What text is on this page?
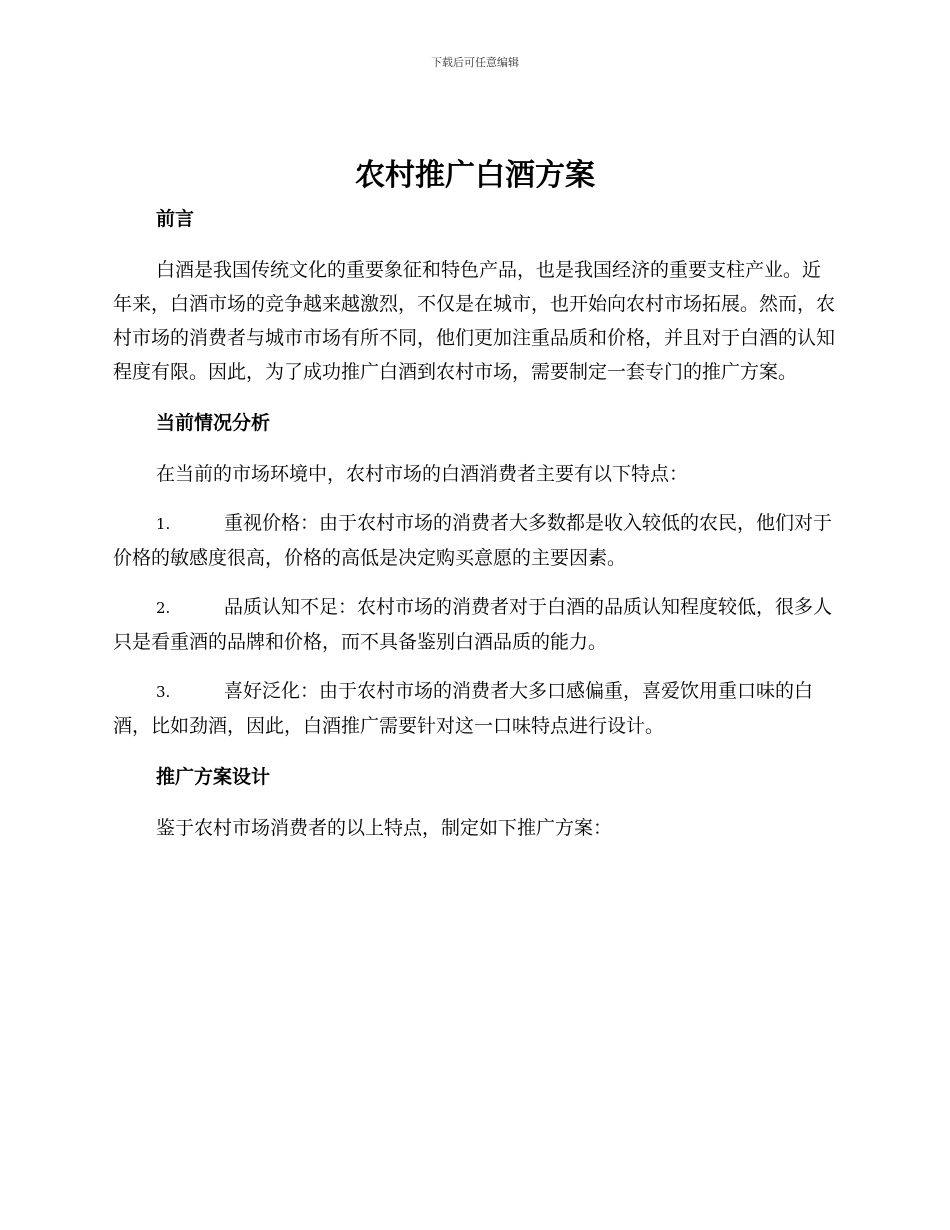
下载后可任意编辑
农村推广白酒方案
前言

白酒是我国传统文化的重要象征和特色产品，也是我国经济的重要支柱产业。近年来，白酒市场的竞争越来越激烈，不仅是在城市，也开始向农村市场拓展。然而，农村市场的消费者与城市市场有所不同，他们更加注重品质和价格，并且对于白酒的认知程度有限。因此，为了成功推广白酒到农村市场，需要制定一套专门的推广方案。

当前情况分析

在当前的市场环境中，农村市场的白酒消费者主要有以下特点：

1.	重视价格：由于农村市场的消费者大多数都是收入较低的农民，他们对于价格的敏感度很高，价格的高低是决定购买意愿的主要因素。

2.	品质认知不足：农村市场的消费者对于白酒的品质认知程度较低，很多人只是看重酒的品牌和价格，而不具备鉴别白酒品质的能力。

3.	喜好泛化：由于农村市场的消费者大多口感偏重，喜爱饮用重口味的白酒，比如劲酒，因此，白酒推广需要针对这一口味特点进行设计。

推广方案设计

鉴于农村市场消费者的以上特点，制定如下推广方案：
